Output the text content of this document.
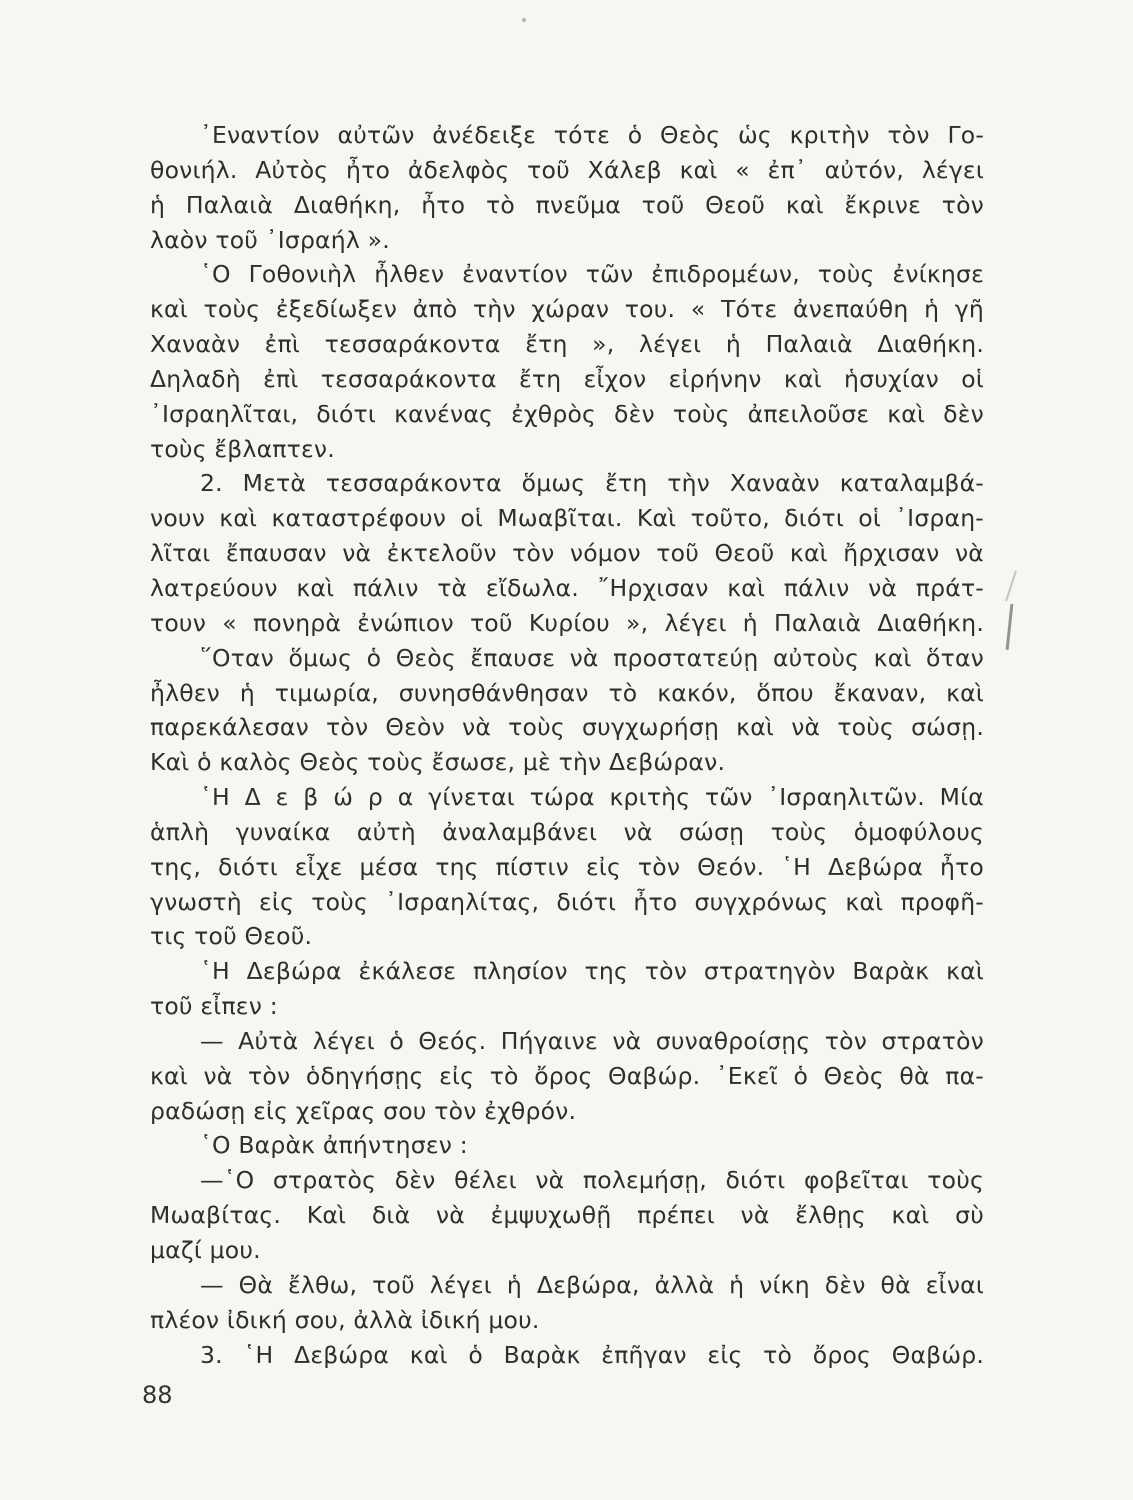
᾿Εναντίον αὐτῶν ἀνέδειξε τότε ὁ Θεὸς ὡς κριτὴν τὸν Γο-
θονιήλ. Αὐτὸς ἦτο ἀδελφὸς τοῦ Χάλεβ καὶ « ἐπ᾿ αὐτόν, λέγει
ἡ Παλαιὰ Διαθήκη, ἦτο τὸ πνεῦμα τοῦ Θεοῦ καὶ ἔκρινε τὸν
λαὸν τοῦ ᾿Ισραήλ ».
῾Ο Γοθονιὴλ ἦλθεν ἐναντίον τῶν ἐπιδρομέων, τοὺς ἐνίκησε
καὶ τοὺς ἐξεδίωξεν ἀπὸ τὴν χώραν του. « Τότε ἀνεπαύθη ἡ γῆ
Χαναὰν ἐπὶ τεσσαράκοντα ἔτη », λέγει ἡ Παλαιὰ Διαθήκη.
Δηλαδὴ ἐπὶ τεσσαράκοντα ἔτη εἶχον εἰρήνην καὶ ἡσυχίαν οἱ
᾿Ισραηλῖται, διότι κανένας ἐχθρὸς δὲν τοὺς ἀπειλοῦσε καὶ δὲν
τοὺς ἔβλαπτεν.
2. Μετὰ τεσσαράκοντα ὅμως ἔτη τὴν Χαναὰν καταλαμβά-
νουν καὶ καταστρέφουν οἱ Μωαβῖται. Καὶ τοῦτο, διότι οἱ ᾿Ισραη-
λῖται ἔπαυσαν νὰ ἐκτελοῦν τὸν νόμον τοῦ Θεοῦ καὶ ἤρχισαν νὰ
λατρεύουν καὶ πάλιν τὰ εἴδωλα. ῎Ηρχισαν καὶ πάλιν νὰ πράτ-
τουν « πονηρὰ ἐνώπιον τοῦ Κυρίου », λέγει ἡ Παλαιὰ Διαθήκη.
῞Οταν ὅμως ὁ Θεὸς ἔπαυσε νὰ προστατεύῃ αὐτοὺς καὶ ὅταν
ἦλθεν ἡ τιμωρία, συνησθάνθησαν τὸ κακόν, ὅπου ἔκαναν, καὶ
παρεκάλεσαν τὸν Θεὸν νὰ τοὺς συγχωρήσῃ καὶ νὰ τοὺς σώσῃ.
Καὶ ὁ καλὸς Θεὸς τοὺς ἔσωσε, μὲ τὴν Δεβώραν.
῾Η Δ ε β ώ ρ α γίνεται τώρα κριτὴς τῶν ᾿Ισραηλιτῶν. Μία
ἁπλὴ γυναίκα αὐτὴ ἀναλαμβάνει νὰ σώσῃ τοὺς ὁμοφύλους
της, διότι εἶχε μέσα της πίστιν εἰς τὸν Θεόν. ῾Η Δεβώρα ἦτο
γνωστὴ εἰς τοὺς ᾿Ισραηλίτας, διότι ἦτο συγχρόνως καὶ προφῆ-
τις τοῦ Θεοῦ.
῾Η Δεβώρα ἐκάλεσε πλησίον της τὸν στρατηγὸν Βαρὰκ καὶ
τοῦ εἶπεν :
— Αὐτὰ λέγει ὁ Θεός. Πήγαινε νὰ συναθροίσῃς τὸν στρατὸν
καὶ νὰ τὸν ὁδηγήσῃς εἰς τὸ ὄρος Θαβώρ. ᾿Εκεῖ ὁ Θεὸς θὰ πα-
ραδώσῃ εἰς χεῖρας σου τὸν ἐχθρόν.
῾Ο Βαρὰκ ἀπήντησεν :
—῾Ο στρατὸς δὲν θέλει νὰ πολεμήσῃ, διότι φοβεῖται τοὺς
Μωαβίτας. Καὶ διὰ νὰ ἐμψυχωθῇ πρέπει νὰ ἔλθῃς καὶ σὺ
μαζί μου.
— Θὰ ἔλθω, τοῦ λέγει ἡ Δεβώρα, ἀλλὰ ἡ νίκη δὲν θὰ εἶναι
πλέον ἰδική σου, ἀλλὰ ἰδική μου.
3. ῾Η Δεβώρα καὶ ὁ Βαρὰκ ἐπῆγαν εἰς τὸ ὄρος Θαβώρ.
88
